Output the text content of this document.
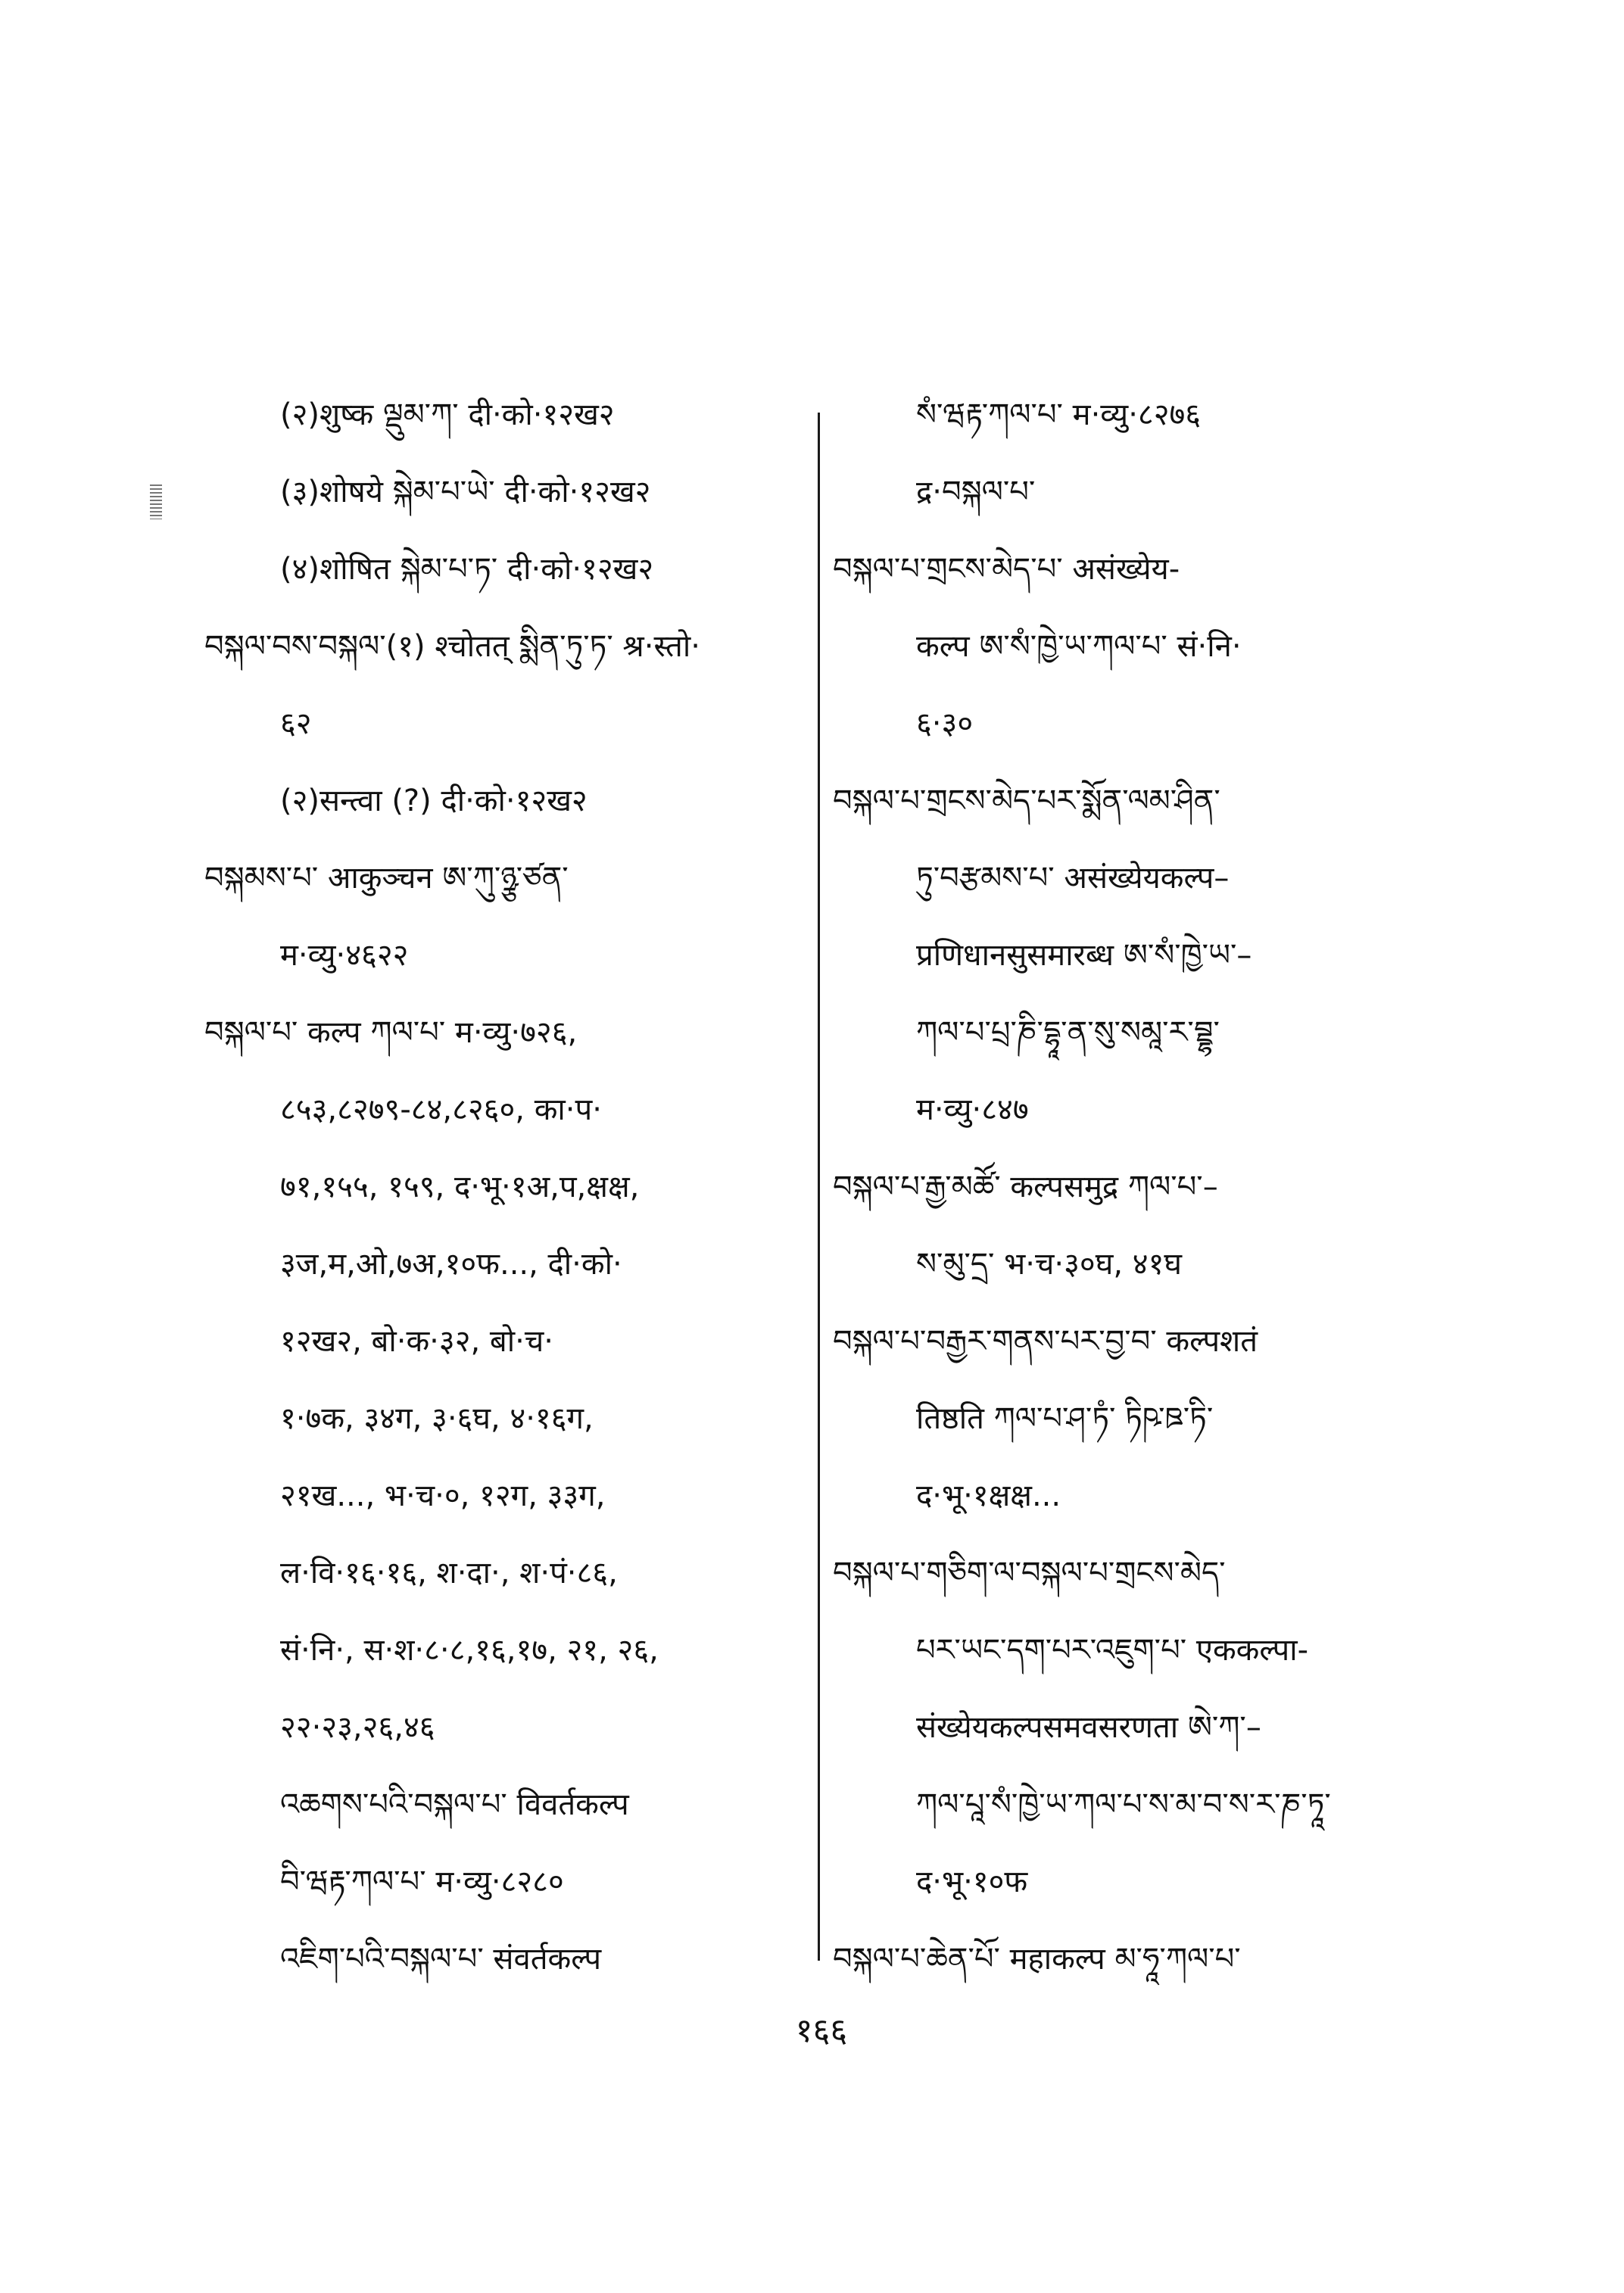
(२)शुष्क ལྡུམ་ཀ་ दी·को·१२ख२
(३)शोषये སྐེམ་པ་ཡེ་ दी·को·१२ख२
(४)शोषित སྐེམ་པ་ཏ་ दी·को·१२ख२
བསྐལ་བས་བསྐལ་(१) श्चोतत् སྨིན་ཏུ་ཏ་ श्र·स्तो·
६२
(२)सन्त्वा (?) दी·को·१२ख२
བསྐམས་པ་ आकुञ्चन ཨ་ཀུ་ཉྩ་ཙན་
म·व्यु·४६२२
བསྐལ་པ་ कल्प ཀལ་པ་ म·व्यु·७२६,
८५३,८२७९-८४,८२६०, का·प·
७१,१५५, १५९, द·भू·१अ,प,क्षक्ष,
३ज,म,ओ,७अ,१०फ..., दी·को·
१२ख२, बो·क·३२, बो·च·
१·७क, ३४ग, ३·६घ, ४·१६ग,
२१ख..., भ·च·०, १२ग, ३३ग,
ल·वि·१६·१६, श·दा·, श·पं·८६,
सं·नि·, स·श·८·८,१६,१७, २१, २६,
२२·२३,२६,४६
འཆགས་པའི་བསྐལ་པ་ विवर्तकल्प
བི་ཝརྟ་ཀལ་པ་ म·व्यु·८२८०
འཇིག་པའི་བསྐལ་པ་ संवर्तकल्प
སཾ་ཝརྟ་ཀལ་པ་ म·व्यु·८२७६
द्र·བསྐལ་པ་
བསྐལ་པ་གྲངས་མེད་པ་ असंख्येय-
कल्प ཨ་སཾ་ཁྱེ་ཡ་ཀལ་པ་ सं·नि·
६·३०
བསྐལ་པ་གྲངས་མེད་པར་སྨོན་ལམ་ཤིན་
ཏུ་བརྩམས་པ་ असंख्येयकल्प–
प्रणिधानसुसमारब्ध ཨ་སཾ་ཁྱེ་ཡ་–
ཀལ་པ་པྲ་ཎི་དྷཱ་ན་སུ་སམཱ་ར་བྡྷ་
म·व्यु·८४७
བསྐལ་པ་རྒྱ་མཚོ་ कल्पसमुद्र ཀལ་པ་–
ས་མུ་དྲ་ भ·च·३०घ, ४१घ
བསྐལ་པ་བརྒྱར་གནས་པར་བྱ་བ་ कल्पशतं
तिष्ठति ཀལ་པ་ཤ་ཏཾ་ ཏིཥ་ཋ་ཏི་
द·भू·१क्षक्ष...
བསྐལ་པ་གཅིག་ལ་བསྐལ་པ་གྲངས་མེད་
པར་ཡང་དག་པར་འཇུག་པ་ एककल्पा-
संख्येयकल्पसमवसरणता ཨེ་ཀ་–
ཀལ་པཱ་སཾ་ཁྱེ་ཡ་ཀལ་པ་ས་མ་བ་ས་ར་ཎ་ཏཱ་
द·भू·१०फ
བསྐལ་པ་ཆེན་པོ་ महाकल्प མ་ཧཱ་ཀལ་པ་
१६६
